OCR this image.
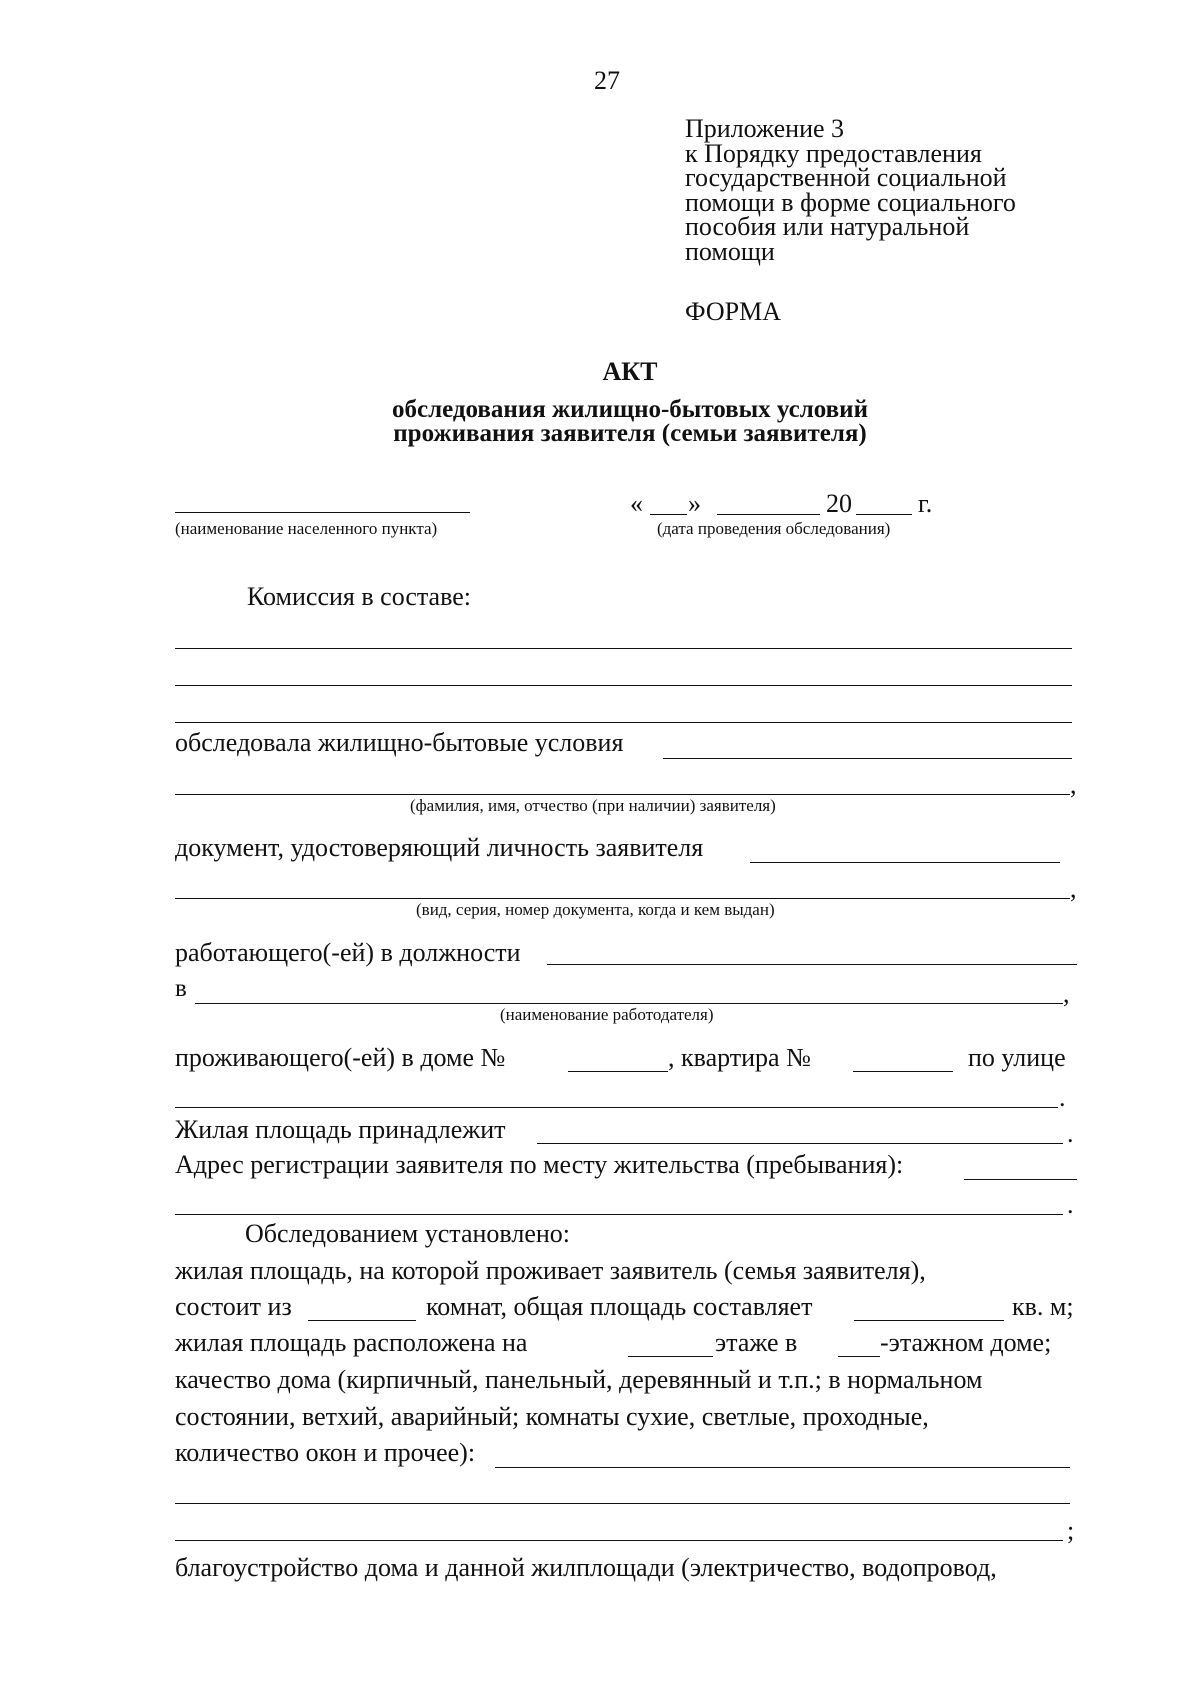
27
Приложение 3
к Порядку предоставления
государственной социальной
помощи в форме социального
пособия или натуральной
помощи
ФОРМА
АКТ
обследования жилищно-бытовых условий
проживания заявителя (семьи заявителя)
(наименование населенного пункта)
« »	20	г.
(дата проведения обследования)
Комиссия в составе:
обследовала жилищно-бытовые условия
,
(фамилия, имя, отчество (при наличии) заявителя)
документ, удостоверяющий личность заявителя
,
(вид, серия, номер документа, когда и кем выдан)
работающего(-ей) в должности
в	,
(наименование работодателя)
проживающего(-ей) в доме №	, квартира №	по улице
.
Жилая площадь принадлежит	.
Адрес регистрации заявителя по месту жительства (пребывания):
.
Обследованием установлено:
жилая площадь, на которой проживает заявитель (семья заявителя),
состоит из	комнат, общая площадь составляет	кв. м;
жилая площадь расположена на	этаже в	-этажном доме;
качество дома (кирпичный, панельный, деревянный и т.п.; в нормальном
состоянии, ветхий, аварийный; комнаты сухие, светлые, проходные,
количество окон и прочее):
;
благоустройство дома и данной жилплощади (электричество, водопровод,
